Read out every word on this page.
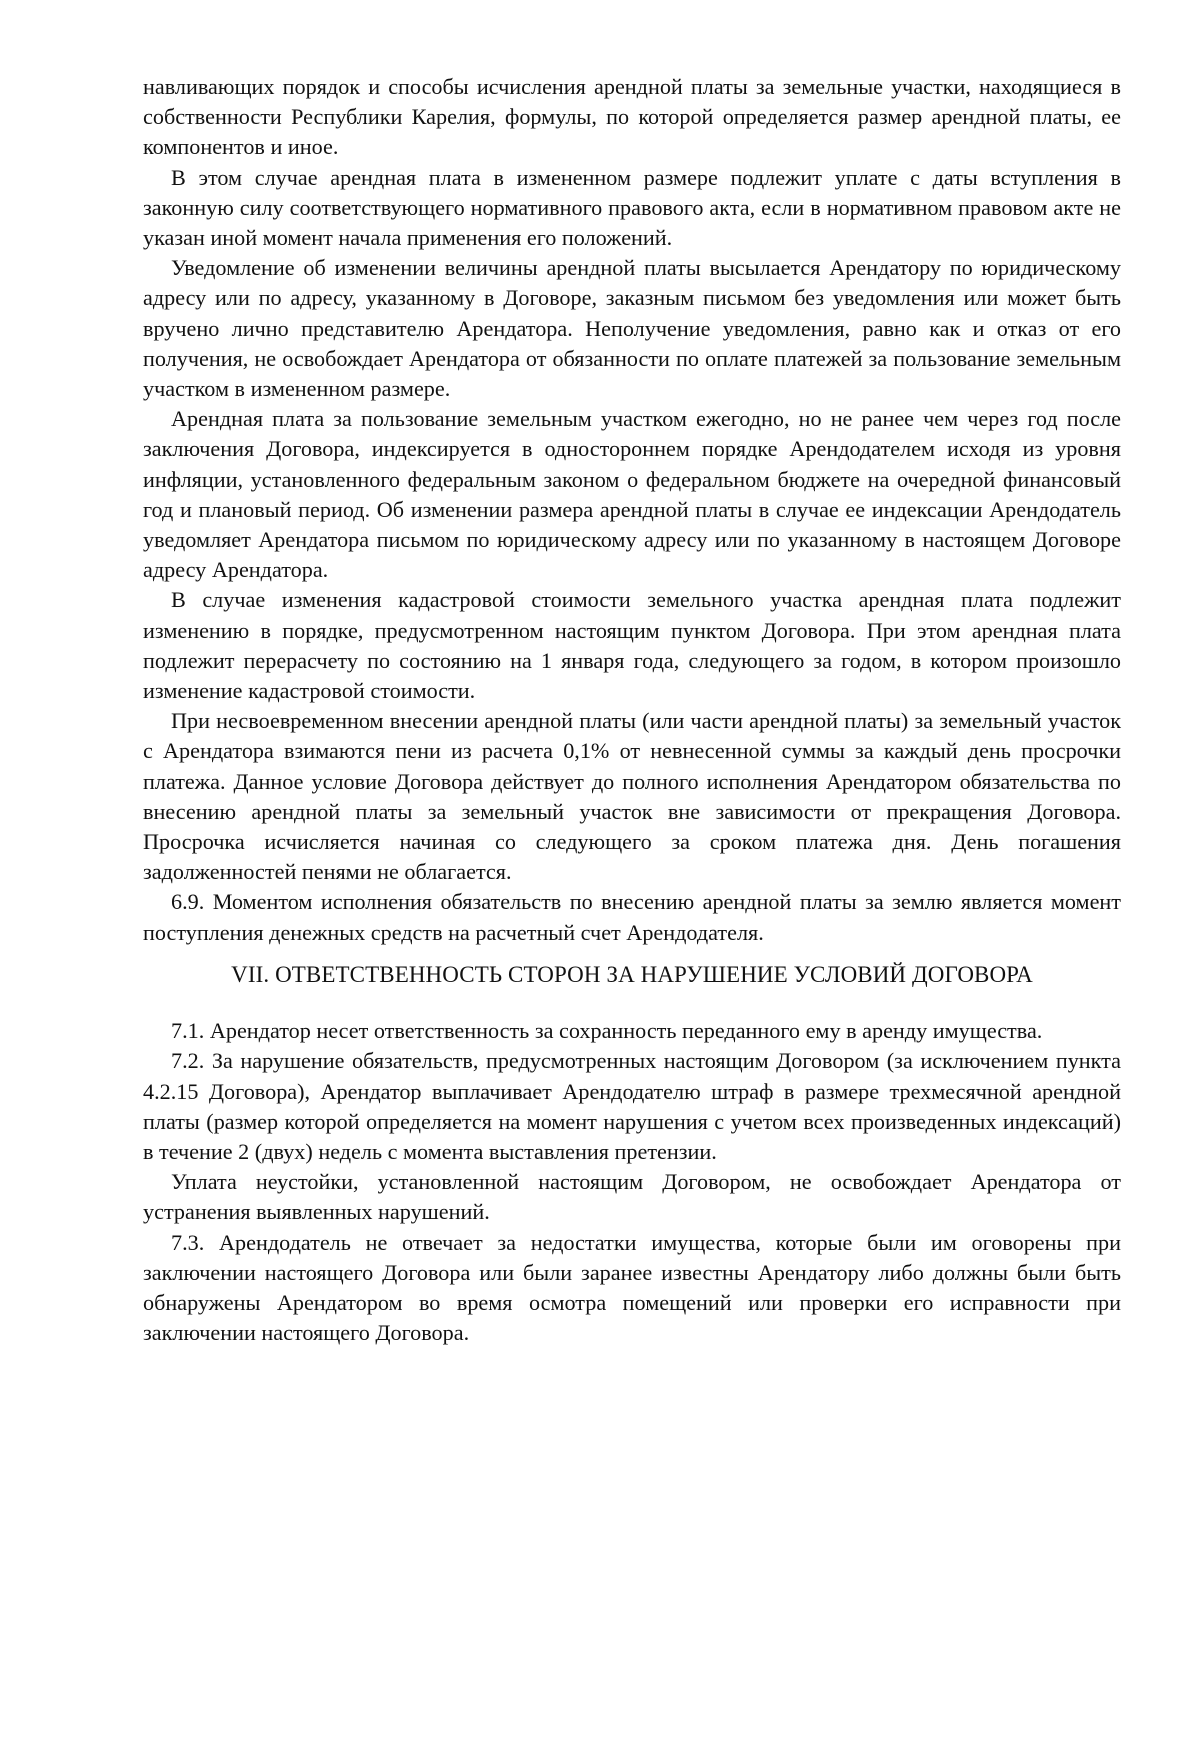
навливающих порядок и способы исчисления арендной платы за земельные участки, находящиеся в собственности Республики Карелия, формулы, по которой определяется размер арендной платы, ее компонентов и иное.

В этом случае арендная плата в измененном размере подлежит уплате с даты вступления в законную силу соответствующего нормативного правового акта, если в нормативном правовом акте не указан иной момент начала применения его положений.

Уведомление об изменении величины арендной платы высылается Арендатору по юридическому адресу или по адресу, указанному в Договоре, заказным письмом без уведомления или может быть вручено лично представителю Арендатора. Неполучение уведомления, равно как и отказ от его получения, не освобождает Арендатора от обязанности по оплате платежей за пользование земельным участком в измененном размере.

Арендная плата за пользование земельным участком ежегодно, но не ранее чем через год после заключения Договора, индексируется в одностороннем порядке Арендодателем исходя из уровня инфляции, установленного федеральным законом о федеральном бюджете на очередной финансовый год и плановый период. Об изменении размера арендной платы в случае ее индексации Арендодатель уведомляет Арендатора письмом по юридическому адресу или по указанному в настоящем Договоре адресу Арендатора.

В случае изменения кадастровой стоимости земельного участка арендная плата подлежит изменению в порядке, предусмотренном настоящим пунктом Договора. При этом арендная плата подлежит перерасчету по состоянию на 1 января года, следующего за годом, в котором произошло изменение кадастровой стоимости.

При несвоевременном внесении арендной платы (или части арендной платы) за земельный участок с Арендатора взимаются пени из расчета 0,1% от невнесенной суммы за каждый день просрочки платежа. Данное условие Договора действует до полного исполнения Арендатором обязательства по внесению арендной платы за земельный участок вне зависимости от прекращения Договора. Просрочка исчисляется начиная со следующего за сроком платежа дня. День погашения задолженностей пенями не облагается.

6.9. Моментом исполнения обязательств по внесению арендной платы за землю является момент поступления денежных средств на расчетный счет Арендодателя.

VII. ОТВЕТСТВЕННОСТЬ СТОРОН ЗА НАРУШЕНИЕ УСЛОВИЙ ДОГОВОРА

7.1. Арендатор несет ответственность за сохранность переданного ему в аренду имущества.

7.2. За нарушение обязательств, предусмотренных настоящим Договором (за исключением пункта 4.2.15 Договора), Арендатор выплачивает Арендодателю штраф в размере трехмесячной арендной платы (размер которой определяется на момент нарушения с учетом всех произведенных индексаций) в течение 2 (двух) недель с момента выставления претензии.

Уплата неустойки, установленной настоящим Договором, не освобождает Арендатора от устранения выявленных нарушений.

7.3. Арендодатель не отвечает за недостатки имущества, которые были им оговорены при заключении настоящего Договора или были заранее известны Арендатору либо должны были быть обнаружены Арендатором во время осмотра помещений или проверки его исправности при заключении настоящего Договора.
